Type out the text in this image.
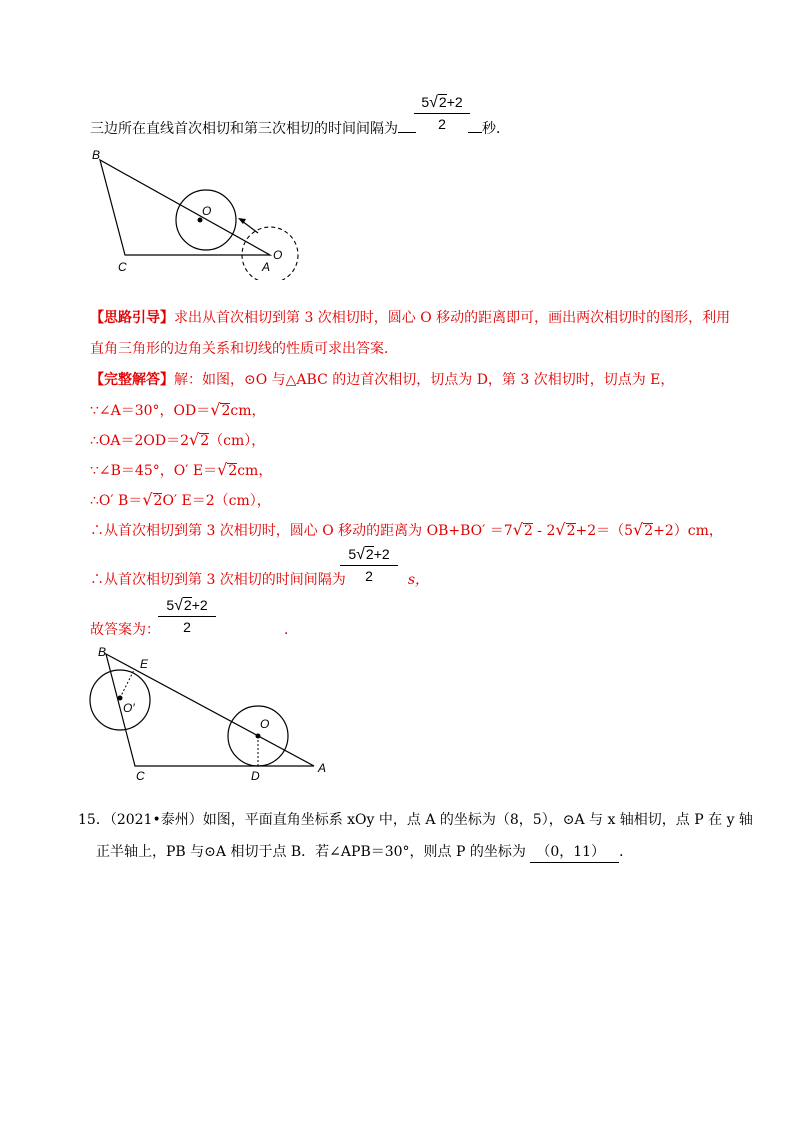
三边所在直线首次相切和第三次相切的时间间隔为	秒．
$\frac{5√2+2}{2}$
B
C	A
O
O
【思路引导】求出从首次相切到第 3 次相切时，圆心 O 移动的距离即可，画出两次相切时的图形，利用
直角三角形的边角关系和切线的性质可求出答案．
【完整解答】解：如图，⊙O 与△ABC 的边首次相切，切点为 D，第 3 次相切时，切点为 E，
∵∠A＝30°，OD＝√2cm，
∴OA＝2OD＝2√2（cm），
∵∠B＝45°，O′ E＝√2cm，
∴O′ B＝√2O′ E＝2（cm），
∴从首次相切到第 3 次相切时，圆心 O 移动的距离为 OB+BO′ ＝7√2 - 2√2+2＝（5√2+2）cm，
∴从首次相切到第 3 次相切的时间间隔为	s，
$\frac{5√2+2}{2}$
故答案为：	．
$\frac{5√2+2}{2}$
B
E
O′
O
C	D
A
15．（2021•泰州）如图，平面直角坐标系 xOy 中，点 A 的坐标为（8，5），⊙A 与 x 轴相切，点 P 在 y 轴
正半轴上，PB 与⊙A 相切于点 B．若∠APB＝30°，则点 P 的坐标为 （0，11） ．
